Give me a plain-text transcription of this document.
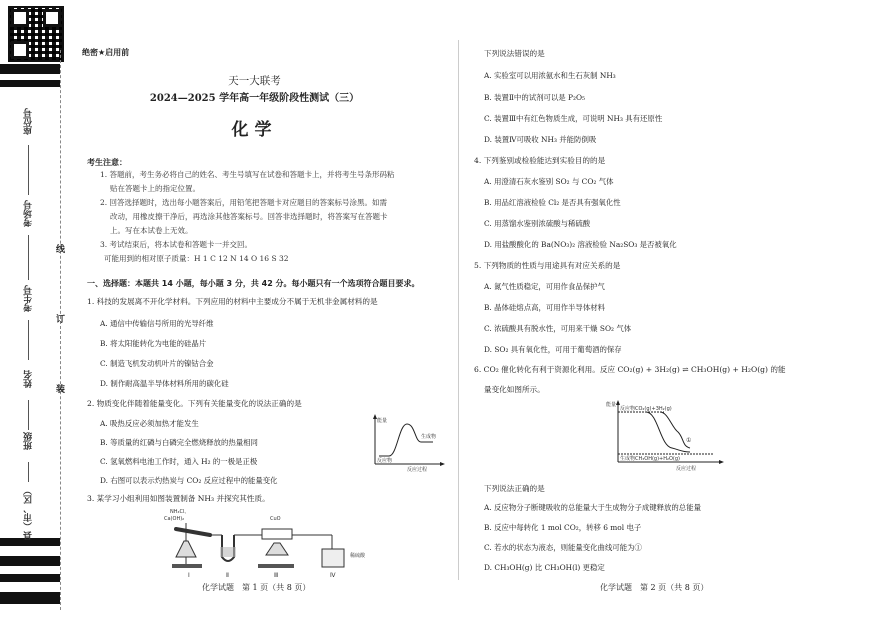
座位号
考场号
考生号
姓名
班级
县（市、区）
线
订
装
绝密★启用前
天一大联考
2024—2025 学年高一年级阶段性测试（三）
化学
考生注意：
1. 答题前，考生务必将自己的姓名、考生号填写在试卷和答题卡上，并将考生号条形码粘
贴在答题卡上的指定位置。
2. 回答选择题时，选出每小题答案后，用铅笔把答题卡对应题目的答案标号涂黑。如需
改动，用橡皮擦干净后，再选涂其他答案标号。回答非选择题时，将答案写在答题卡
上。写在本试卷上无效。
3. 考试结束后，将本试卷和答题卡一并交回。
可能用到的相对原子质量：H 1 C 12 N 14 O 16 S 32
一、选择题：本题共 14 小题，每小题 3 分，共 42 分。每小题只有一个选项符合题目要求。
1. 科技的发展离不开化学材料。下列应用的材料中主要成分不属于无机非金属材料的是
A. 通信中传输信号所用的光导纤维
B. 将太阳能转化为电能的硅晶片
C. 制造飞机发动机叶片的镍钴合金
D. 制作耐高温半导体材料所用的碳化硅
2. 物质变化伴随着能量变化。下列有关能量变化的说法正确的是
A. 吸热反应必须加热才能发生
B. 等质量的红磷与白磷完全燃烧释放的热量相同
C. 氢氧燃料电池工作时，通入 H₂ 的一极是正极
D. 右图可以表示灼热炭与 CO₂ 反应过程中的能量变化
能量
生成物
反应物
反应过程
3. 某学习小组利用如图装置制备 NH₃ 并探究其性质。
NH₄Cl、
Ca(OH)₂	CuO
稀硫酸
Ⅰ	Ⅱ	Ⅲ	Ⅳ
化学试题　第 1 页（共 8 页）
下列说法错误的是
A. 实验室可以用浓氨水和生石灰制 NH₃
B. 装置Ⅱ中的试剂可以是 P₂O₅
C. 装置Ⅲ中有红色物质生成，可说明 NH₃ 具有还原性
D. 装置Ⅳ可吸收 NH₃ 并能防倒吸
4. 下列鉴别或检验能达到实验目的的是
A. 用澄清石灰水鉴别 SO₂ 与 CO₂ 气体
B. 用品红溶液检验 Cl₂ 是否具有强氧化性
C. 用蒸馏水鉴别浓硫酸与稀硫酸
D. 用盐酸酸化的 Ba(NO₃)₂ 溶液检验 Na₂SO₃ 是否被氧化
5. 下列物质的性质与用途具有对应关系的是
A. 氮气性质稳定，可用作食品保护气
B. 晶体硅熔点高，可用作半导体材料
C. 浓硫酸具有脱水性，可用来干燥 SO₂ 气体
D. SO₂ 具有氧化性，可用于葡萄酒的保存
6. CO₂ 催化转化有利于资源化利用。反应 CO₂(g) + 3H₂(g) ⇌ CH₃OH(g) + H₂O(g) 的能
量变化如图所示。
能量
反应物CO₂(g)+3H₂(g)
①
生成物CH₃OH(g)+H₂O(g)
反应过程
下列说法正确的是
A. 反应物分子断键吸收的总能量大于生成物分子成键释放的总能量
B. 反应中每转化 1 mol CO₂，转移 6 mol 电子
C. 若水的状态为液态，则能量变化曲线可能为①
D. CH₃OH(g) 比 CH₃OH(l) 更稳定
化学试题　第 2 页（共 8 页）
